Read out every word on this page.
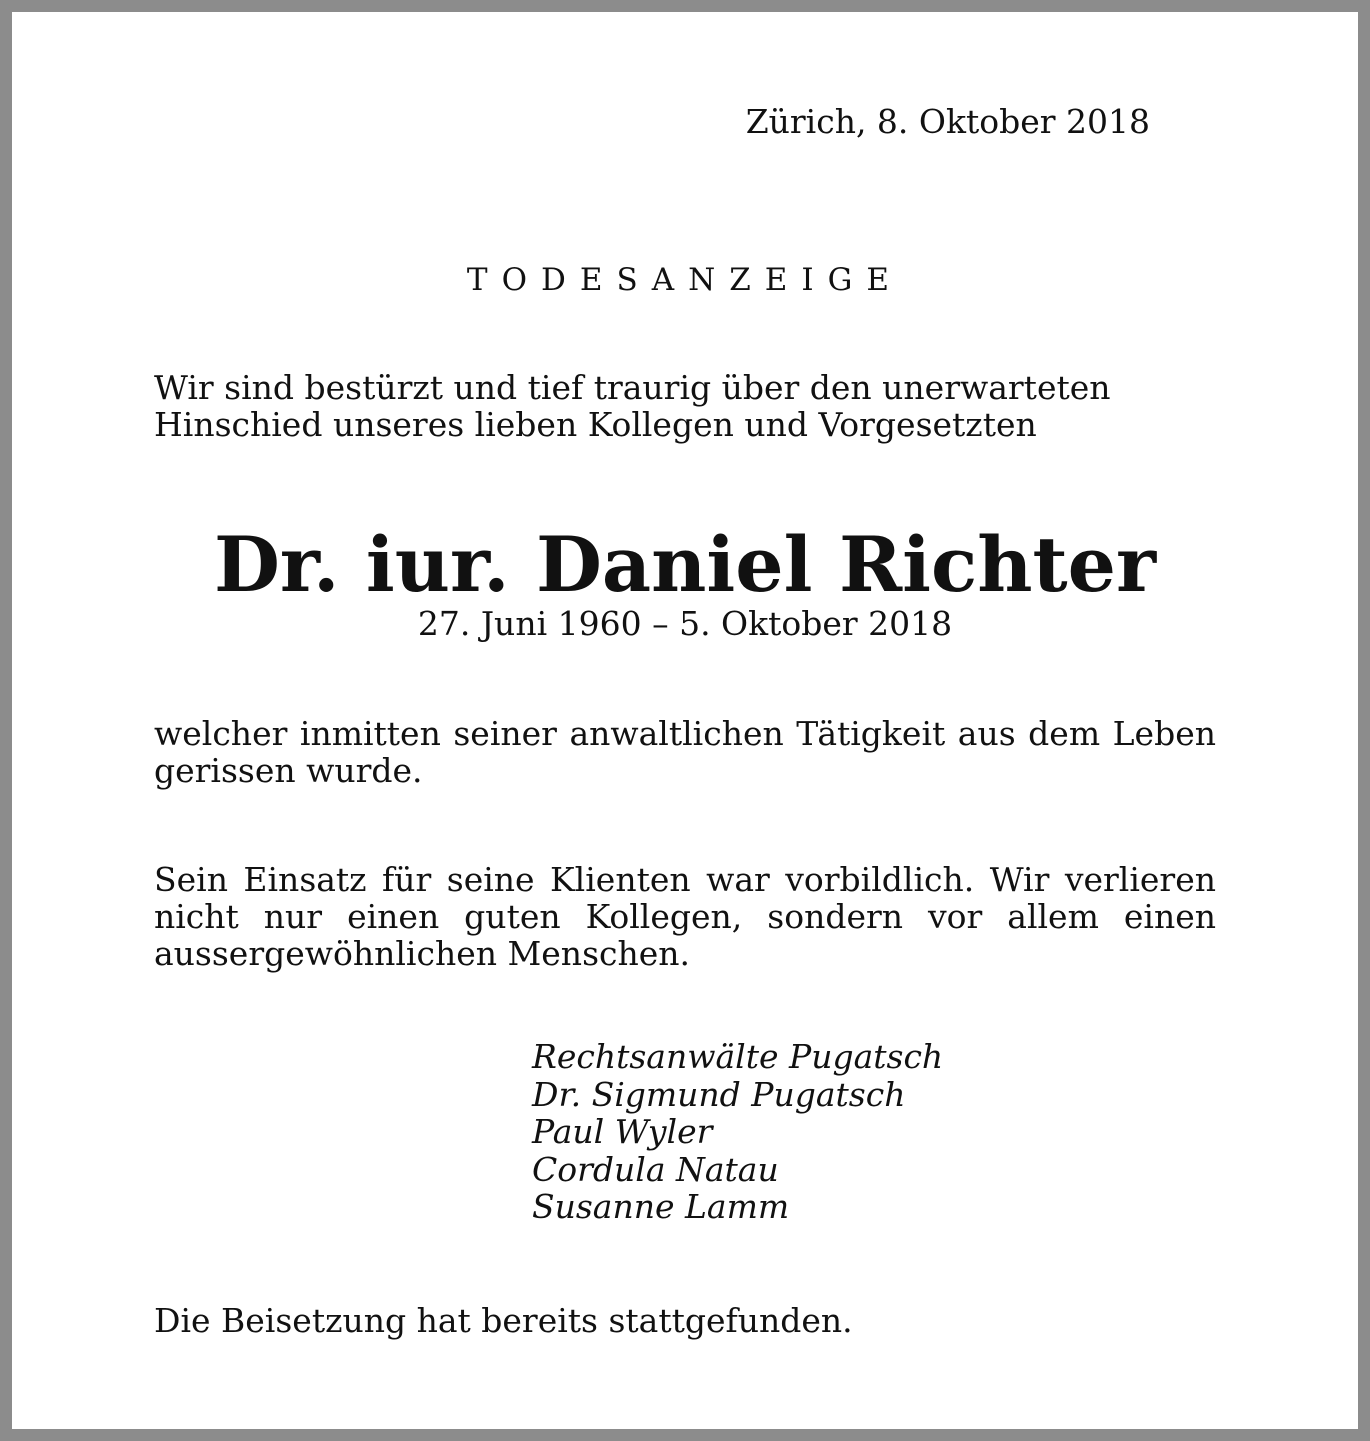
Zürich, 8. Oktober 2018
TODESANZEIGE
Wir sind bestürzt und tief traurig über den unerwarteten Hinschied unseres lieben Kollegen und Vorgesetzten
Dr. iur. Daniel Richter
27. Juni 1960 – 5. Oktober 2018
welcher inmitten seiner anwaltlichen Tätigkeit aus dem Leben gerissen wurde.
Sein Einsatz für seine Klienten war vorbildlich. Wir verlieren nicht nur einen guten Kollegen, sondern vor allem einen aussergewöhnlichen Menschen.
Rechtsanwälte Pugatsch
Dr. Sigmund Pugatsch
Paul Wyler
Cordula Natau
Susanne Lamm
Die Beisetzung hat bereits stattgefunden.
